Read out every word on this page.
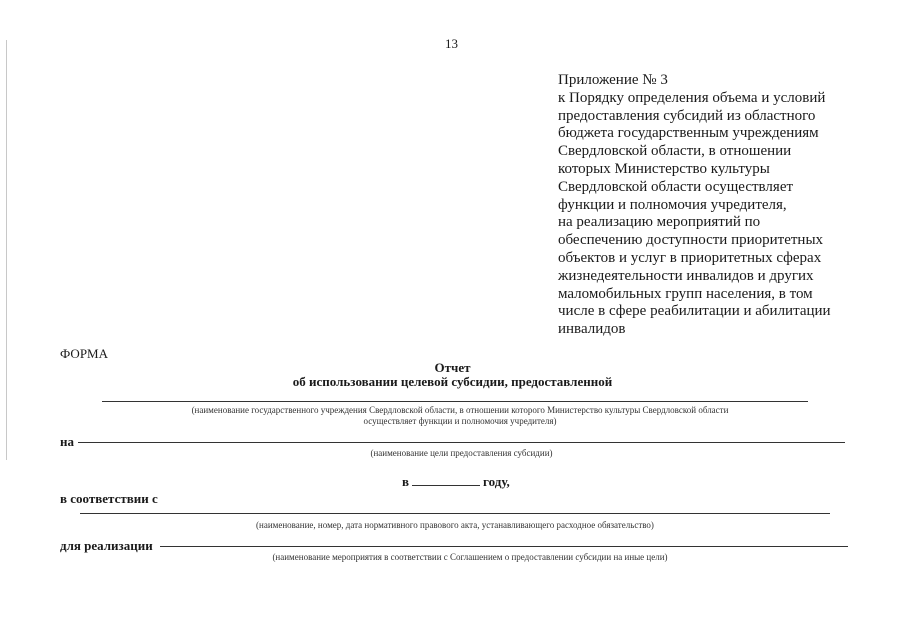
13
Приложение № 3
к Порядку определения объема и условий
предоставления субсидий из областного
бюджета государственным учреждениям
Свердловской области, в отношении
которых Министерство культуры
Свердловской области осуществляет
функции и полномочия учредителя,
на реализацию мероприятий по
обеспечению доступности приоритетных
объектов и услуг в приоритетных сферах
жизнедеятельности инвалидов и других
маломобильных групп населения, в том
числе в сфере реабилитации и абилитации
инвалидов
ФОРМА
Отчет
об использовании целевой субсидии, предоставленной
(наименование государственного учреждения Свердловской области, в отношении которого Министерство культуры Свердловской области
осуществляет функции и полномочия учредителя)
на
(наименование цели предоставления субсидии)
в	году,
в соответствии с
(наименование, номер, дата нормативного правового акта, устанавливающего расходное обязательство)
для реализации
(наименование мероприятия в соответствии с Соглашением о предоставлении субсидии на иные цели)
